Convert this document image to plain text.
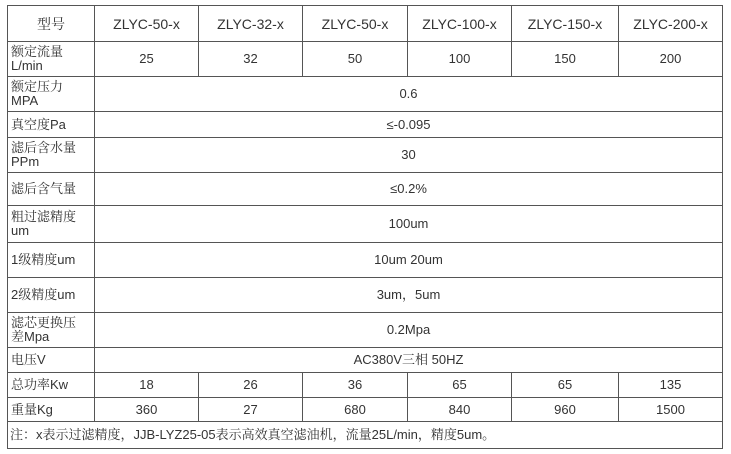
型号	ZLYC-50-x	ZLYC-32-x	ZLYC-50-x	ZLYC-100-x	ZLYC-150-x	ZLYC-200-x

额定流量
L/min	25	32	50	100	150	200

额定压力
MPA	0.6					

真空度Pa	≤-0.095					

滤后含水量
PPm	30					

滤后含气量	≤0.2%					

粗过滤精度
um	100um					

1级精度um	10um 20um					

2级精度um	3um，5um					

滤芯更换压
差Mpa	0.2Mpa					

电压V	AC380V三相 50HZ					

总功率Kw	18	26	36	65	65	135

重量Kg	360	27	680	840	960	1500
注：x表示过滤精度，JJB-LYZ25-05表示高效真空滤油机，流量25L/min，精度5um。						
